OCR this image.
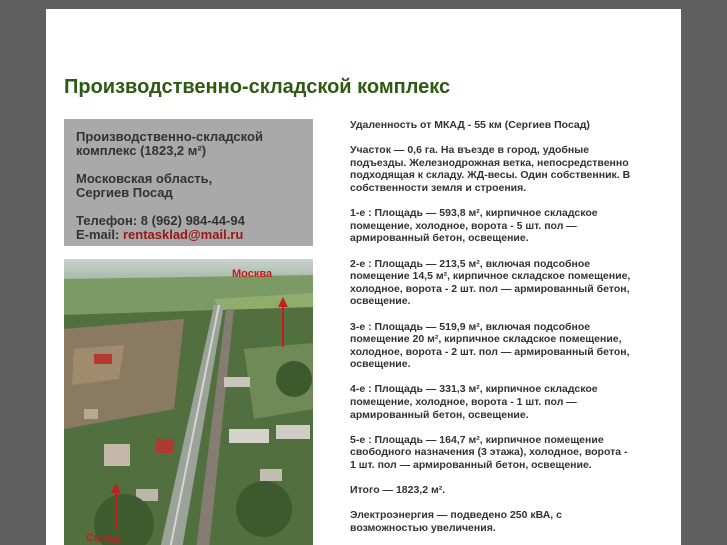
Производственно-складской комплекс

Производственно-складской
комплекс (1823,2 м²)

Московская область,
Сергиев Посад

Телефон: 8 (962) 984-44-94
E-mail: rentasklad@mail.ru

Москва
Склад

Удаленность от МКАД - 55 км (Сергиев Посад)

Участок — 0,6 га. На въезде в город, удобные подъезды. Железнодрожная ветка, непосредственно подходящая к складу. ЖД-весы. Один собственник. В собственности земля и строения.

1-е : Площадь — 593,8 м², кирпичное складское помещение, холодное, ворота - 5 шт. пол — армированный бетон, освещение.

2-е : Площадь — 213,5 м², включая подсобное помещение 14,5 м², кирпичное складское помещение, холодное, ворота - 2 шт. пол — армированный бетон, освещение.

3-е : Площадь — 519,9 м², включая подсобное помещение 20 м², кирпичное складское помещение, холодное, ворота - 2 шт. пол — армированный бетон, освещение.

4-е : Площадь — 331,3 м², кирпичное складское помещение, холодное, ворота - 1 шт. пол — армированный бетон, освещение.

5-е : Площадь — 164,7 м², кирпичное помещение свободного назначения (3 этажа), холодное, ворота - 1 шт. пол — армированный бетон, освещение.

Итого — 1823,2 м².

Электроэнергия — подведено 250 кВА, с возможностью увеличения.
